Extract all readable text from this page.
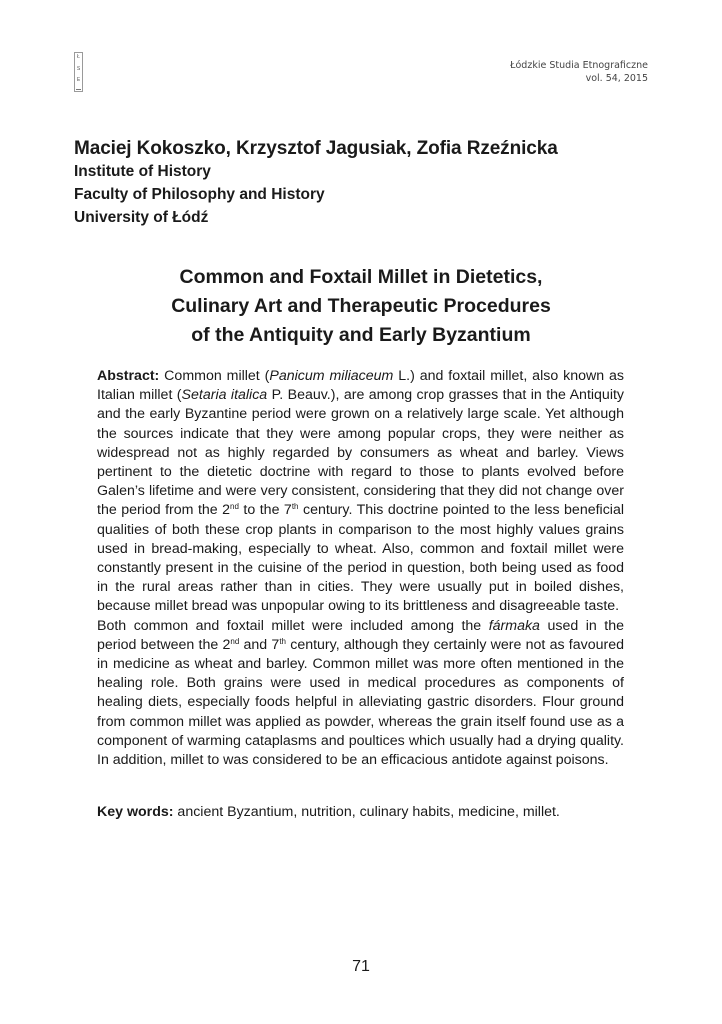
Ł
S
E
Łódzkie Studia Etnograficzne
vol. 54, 2015
Maciej Kokoszko, Krzysztof Jagusiak, Zofia Rzeźnicka
Institute of History
Faculty of Philosophy and History
University of Łódź
Common and Foxtail Millet in Dietetics,
Culinary Art and Therapeutic Procedures
of the Antiquity and Early Byzantium

Abstract: Common millet (Panicum miliaceum L.) and foxtail millet, also known as Italian millet (Setaria italica P. Beauv.), are among crop grasses that in the Antiquity and the early Byzantine period were grown on a relatively large scale. Yet although the sources indicate that they were among popular crops, they were neither as widespread not as highly regarded by consumers as wheat and barley. Views pertinent to the dietetic doctrine with regard to those to plants evolved before Galen’s lifetime and were very consistent, considering that they did not change over the period from the 2nd to the 7th century. This doctrine pointed to the less beneficial qualities of both these crop plants in comparison to the most highly values grains used in bread-making, especially to wheat. Also, common and foxtail millet were constantly present in the cuisine of the period in question, both being used as food in the rural areas rather than in cities. They were usually put in boiled dishes, because millet bread was unpopular owing to its brittleness and disagreeable taste.

Both common and foxtail millet were included among the fármaka used in the period between the 2nd and 7th century, although they certainly were not as favoured in medicine as wheat and barley. Common millet was more often mentioned in the healing role. Both grains were used in medical procedures as components of healing diets, especially foods helpful in alleviating gastric disorders. Flour ground from common millet was applied as powder, whereas the grain itself found use as a component of warming cataplasms and poultices which usually had a drying quality. In addition, millet to was considered to be an efficacious antidote against poisons.

Key words: ancient Byzantium, nutrition, culinary habits, medicine, millet.
71
